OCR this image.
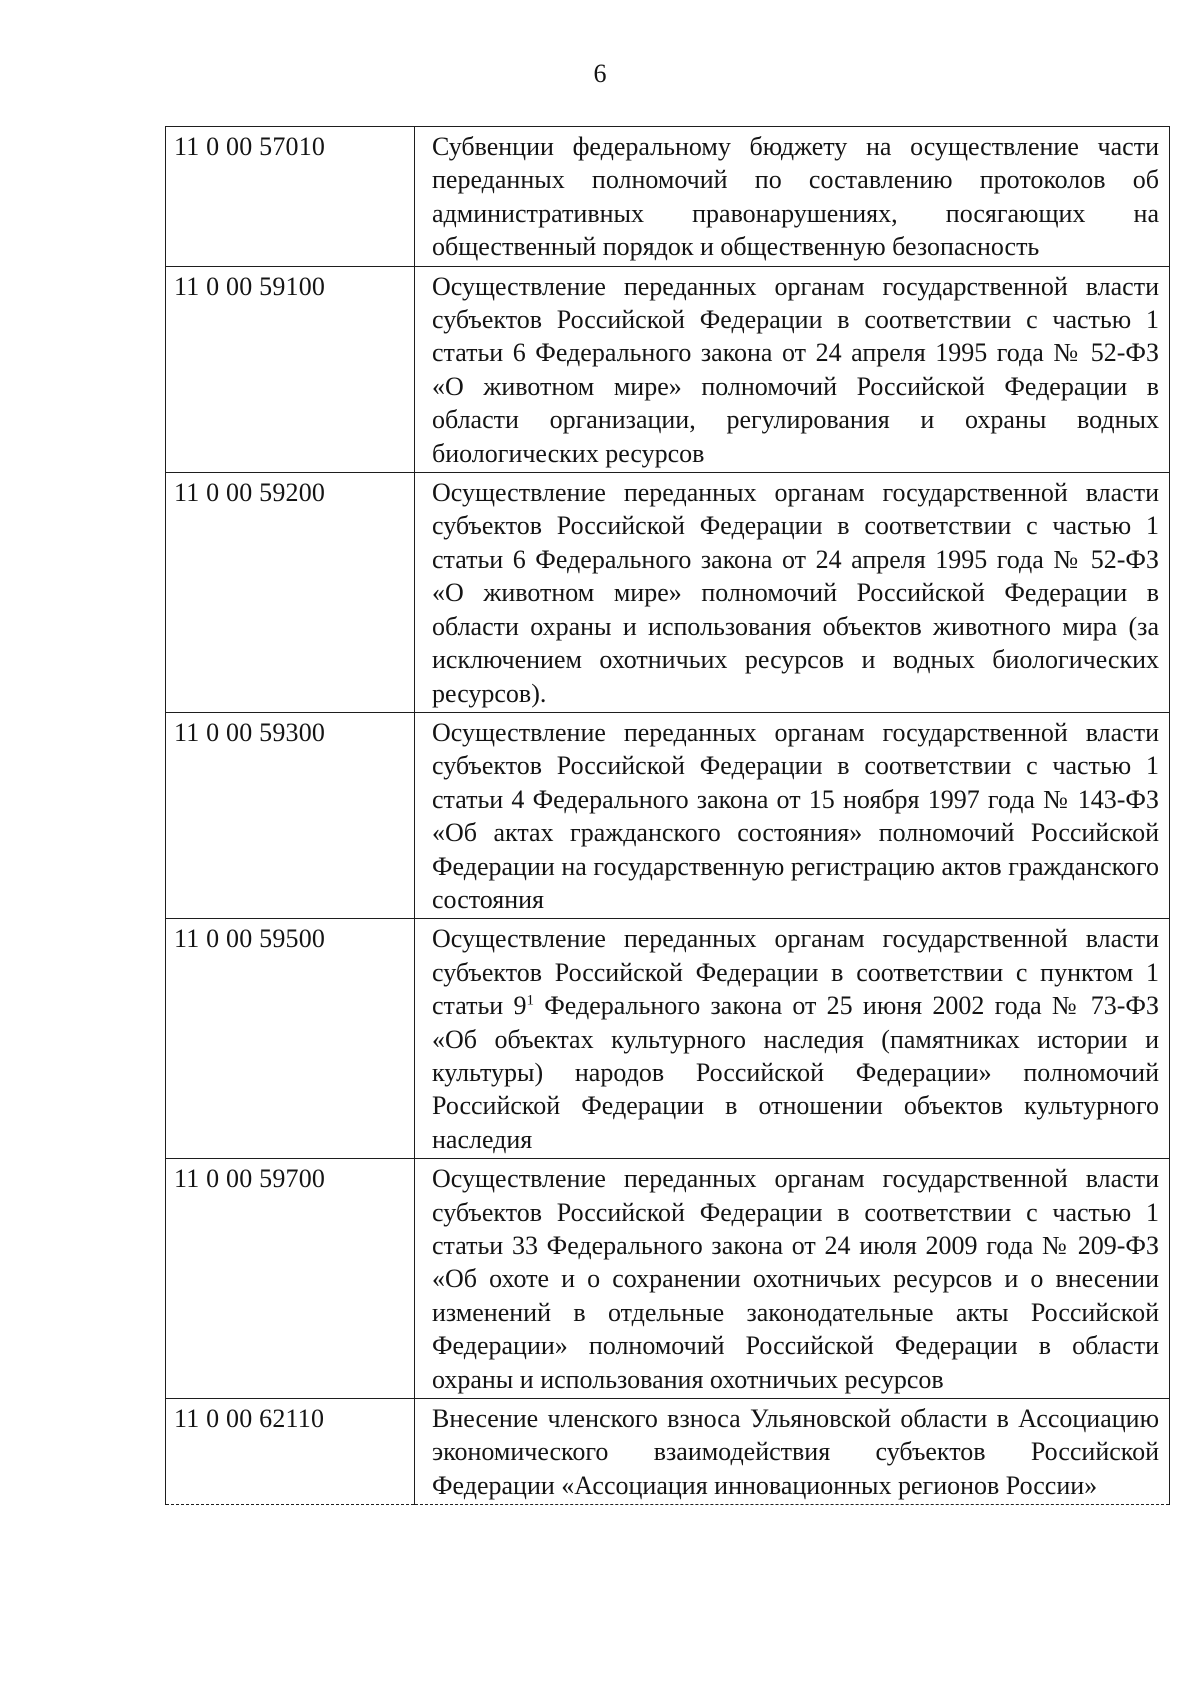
6
11 0 00 57010	Субвенции федеральному бюджету на осуществление части переданных полномочий по составлению протоколов об административных правонарушениях, посягающих на общественный порядок и общественную безопасность
11 0 00 59100	Осуществление переданных органам государственной власти субъектов Российской Федерации в соответствии с частью 1 статьи 6 Федерального закона от 24 апреля 1995 года № 52-ФЗ «О животном мире» полномочий Российской Федерации в области организации, регулирования и охраны водных биологических ресурсов
11 0 00 59200	Осуществление переданных органам государственной власти субъектов Российской Федерации в соответствии с частью 1 статьи 6 Федерального закона от 24 апреля 1995 года № 52-ФЗ «О животном мире» полномочий Российской Федерации в области охраны и использования объектов животного мира (за исключением охотничьих ресурсов и водных биологических ресурсов).
11 0 00 59300	Осуществление переданных органам государственной власти субъектов Российской Федерации в соответствии с частью 1 статьи 4 Федерального закона от 15 ноября 1997 года № 143-ФЗ «Об актах гражданского состояния» полномочий Российской Федерации на государственную регистрацию актов гражданского состояния
11 0 00 59500	Осуществление переданных органам государственной власти субъектов Российской Федерации в соответствии с пунктом 1 статьи $9^1$ Федерального закона от 25 июня 2002 года № 73-ФЗ «Об объектах культурного наследия (памятниках истории и культуры) народов Российской Федерации» полномочий Российской Федерации в отношении объектов культурного наследия
11 0 00 59700	Осуществление переданных органам государственной власти субъектов Российской Федерации в соответствии с частью 1 статьи 33 Федерального закона от 24 июля 2009 года № 209-ФЗ «Об охоте и о сохранении охотничьих ресурсов и о внесении изменений в отдельные законодательные акты Российской Федерации» полномочий Российской Федерации в области охраны и использования охотничьих ресурсов
11 0 00 62110	Внесение членского взноса Ульяновской области в Ассоциацию экономического взаимодействия субъектов Российской Федерации «Ассоциация инновационных регионов России»
